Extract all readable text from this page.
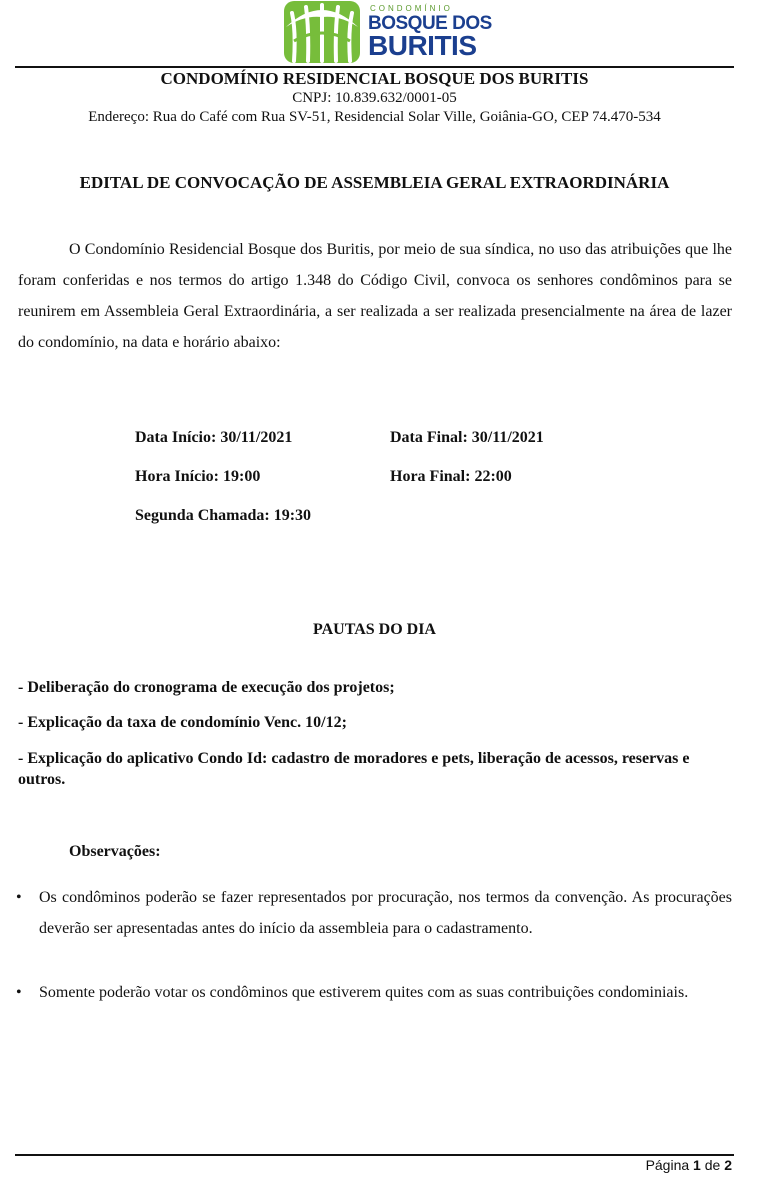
CONDOMÍNIO
BOSQUE DOS
BURITIS
CONDOMÍNIO RESIDENCIAL BOSQUE DOS BURITIS
CNPJ: 10.839.632/0001-05
Endereço: Rua do Café com Rua SV-51, Residencial Solar Ville, Goiânia-GO, CEP 74.470-534
EDITAL DE CONVOCAÇÃO DE ASSEMBLEIA GERAL EXTRAORDINÁRIA

O Condomínio Residencial Bosque dos Buritis, por meio de sua síndica, no uso das atribuições que lhe foram conferidas e nos termos do artigo 1.348 do Código Civil, convoca os senhores condôminos para se reunirem em Assembleia Geral Extraordinária, a ser realizada a ser realizada presencialmente na área de lazer do condomínio, na data e horário abaixo:

Data Início: 30/11/2021	Data Final: 30/11/2021
Hora Início: 19:00	Hora Final: 22:00
Segunda Chamada: 19:30
PAUTAS DO DIA

- Deliberação do cronograma de execução dos projetos;

- Explicação da taxa de condomínio Venc. 10/12;

- Explicação do aplicativo Condo Id: cadastro de moradores e pets, liberação de acessos, reservas e outros.

Observações:
• Os condôminos poderão se fazer representados por procuração, nos termos da convenção. As procurações deverão ser apresentadas antes do início da assembleia para o cadastramento.

• Somente poderão votar os condôminos que estiverem quites com as suas contribuições condominiais.

Página 1 de 2
